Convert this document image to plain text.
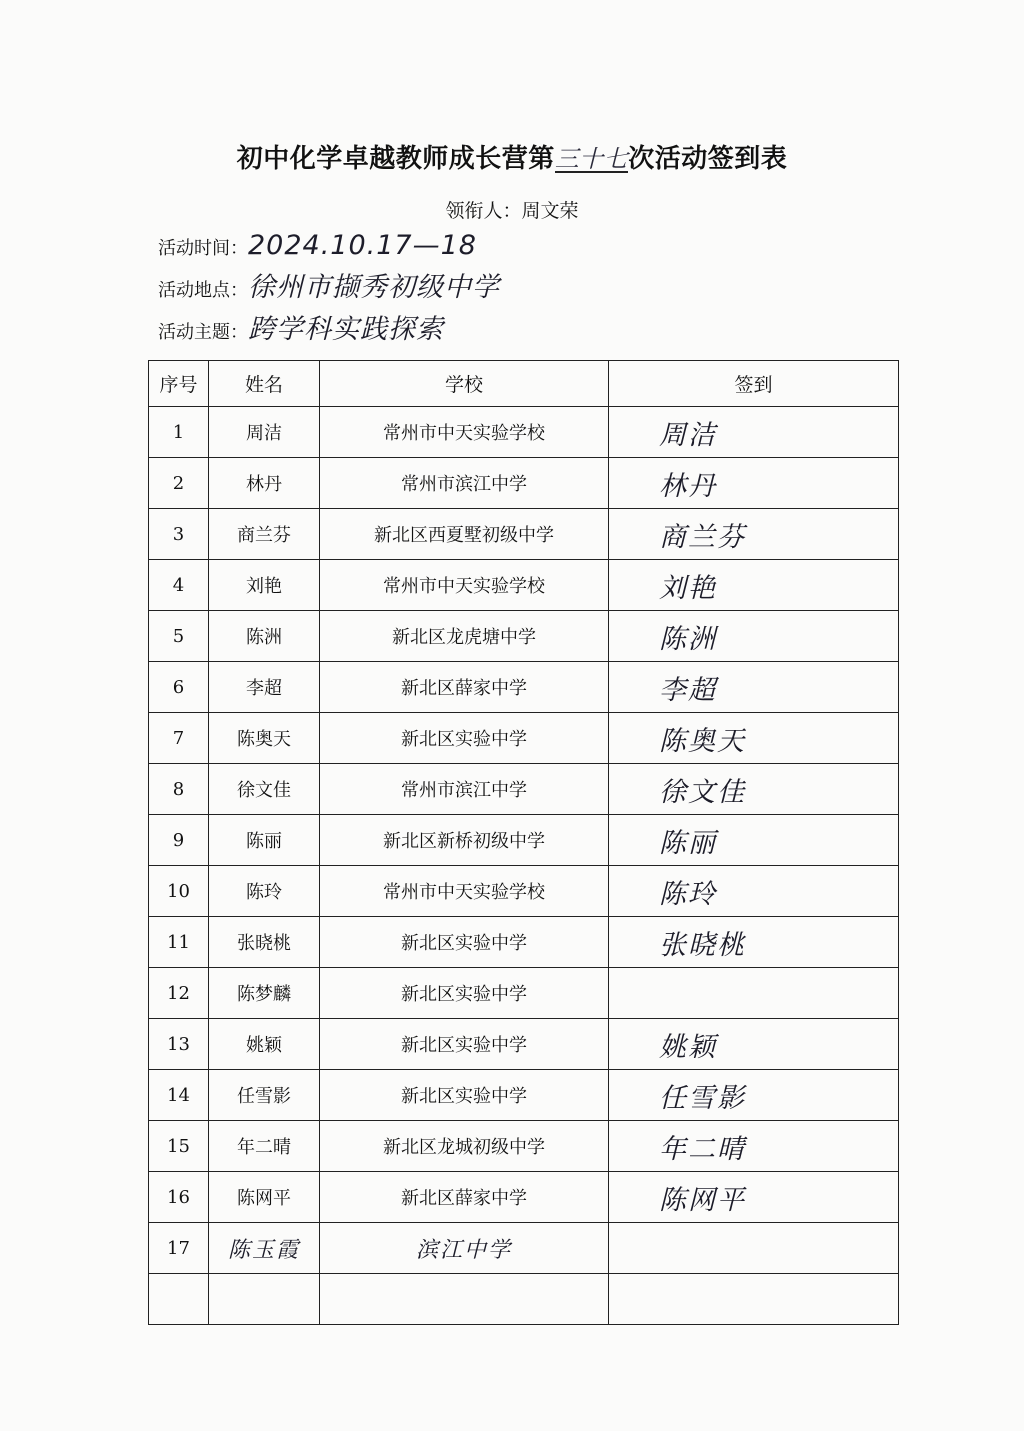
初中化学卓越教师成长营第三十七次活动签到表
领衔人：周文荣
活动时间：2024.10.17—18
活动地点：徐州市撷秀初级中学
活动主题：跨学科实践探索
序号	姓名	学校	签到
1	周洁	常州市中天实验学校	周洁
2	林丹	常州市滨江中学	林丹
3	商兰芬	新北区西夏墅初级中学	商兰芬
4	刘艳	常州市中天实验学校	刘艳
5	陈洲	新北区龙虎塘中学	陈洲
6	李超	新北区薛家中学	李超
7	陈奥天	新北区实验中学	陈奥天
8	徐文佳	常州市滨江中学	徐文佳
9	陈丽	新北区新桥初级中学	陈丽
10	陈玲	常州市中天实验学校	陈玲
11	张晓桃	新北区实验中学	张晓桃
12	陈梦麟	新北区实验中学	
13	姚颖	新北区实验中学	姚颖
14	任雪影	新北区实验中学	任雪影
15	年二晴	新北区龙城初级中学	年二晴
16	陈网平	新北区薛家中学	陈网平
17	陈玉霞	滨江中学	
